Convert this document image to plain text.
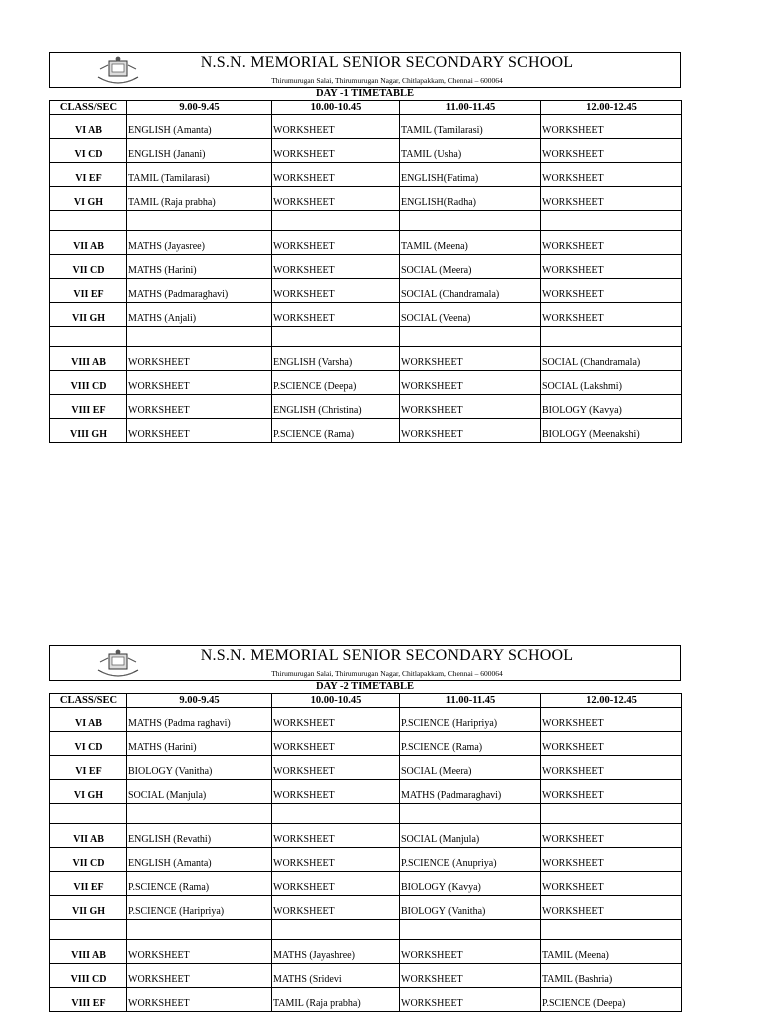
N.S.N. MEMORIAL SENIOR SECONDARY SCHOOL
Thirumurugan Salai, Thirumurugan Nagar, Chitlapakkam, Chennai – 600064
DAY -1 TIMETABLE
CLASS/SEC	9.00-9.45	10.00-10.45	11.00-11.45	12.00-12.45
VI AB	ENGLISH (Amanta)	WORKSHEET	TAMIL (Tamilarasi)	WORKSHEET
VI CD	ENGLISH (Janani)	WORKSHEET	TAMIL (Usha)	WORKSHEET
VI EF	TAMIL (Tamilarasi)	WORKSHEET	ENGLISH(Fatima)	WORKSHEET
VI GH	TAMIL (Raja prabha)	WORKSHEET	ENGLISH(Radha)	WORKSHEET

VII AB	MATHS (Jayasree)	WORKSHEET	TAMIL (Meena)	WORKSHEET
VII CD	MATHS (Harini)	WORKSHEET	SOCIAL (Meera)	WORKSHEET
VII EF	MATHS (Padmaraghavi)	WORKSHEET	SOCIAL (Chandramala)	WORKSHEET
VII GH	MATHS (Anjali)	WORKSHEET	SOCIAL (Veena)	WORKSHEET

VIII AB	WORKSHEET	ENGLISH (Varsha)	WORKSHEET	SOCIAL (Chandramala)
VIII CD	WORKSHEET	P.SCIENCE (Deepa)	WORKSHEET	SOCIAL (Lakshmi)
VIII EF	WORKSHEET	ENGLISH (Christina)	WORKSHEET	BIOLOGY (Kavya)
VIII GH	WORKSHEET	P.SCIENCE (Rama)	WORKSHEET	BIOLOGY (Meenakshi)
N.S.N. MEMORIAL SENIOR SECONDARY SCHOOL
Thirumurugan Salai, Thirumurugan Nagar, Chitlapakkam, Chennai – 600064
DAY -2 TIMETABLE
CLASS/SEC	9.00-9.45	10.00-10.45	11.00-11.45	12.00-12.45
VI AB	MATHS (Padma raghavi)	WORKSHEET	P.SCIENCE (Haripriya)	WORKSHEET
VI CD	MATHS (Harini)	WORKSHEET	P.SCIENCE (Rama)	WORKSHEET
VI EF	BIOLOGY (Vanitha)	WORKSHEET	SOCIAL (Meera)	WORKSHEET
VI GH	SOCIAL (Manjula)	WORKSHEET	MATHS (Padmaraghavi)	WORKSHEET

VII AB	ENGLISH (Revathi)	WORKSHEET	SOCIAL (Manjula)	WORKSHEET
VII CD	ENGLISH (Amanta)	WORKSHEET	P.SCIENCE (Anupriya)	WORKSHEET
VII EF	P.SCIENCE (Rama)	WORKSHEET	BIOLOGY (Kavya)	WORKSHEET
VII GH	P.SCIENCE (Haripriya)	WORKSHEET	BIOLOGY (Vanitha)	WORKSHEET

VIII AB	WORKSHEET	MATHS (Jayashree)	WORKSHEET	TAMIL (Meena)
VIII CD	WORKSHEET	MATHS (Sridevi	WORKSHEET	TAMIL (Bashria)
VIII EF	WORKSHEET	TAMIL (Raja prabha)	WORKSHEET	P.SCIENCE (Deepa)
